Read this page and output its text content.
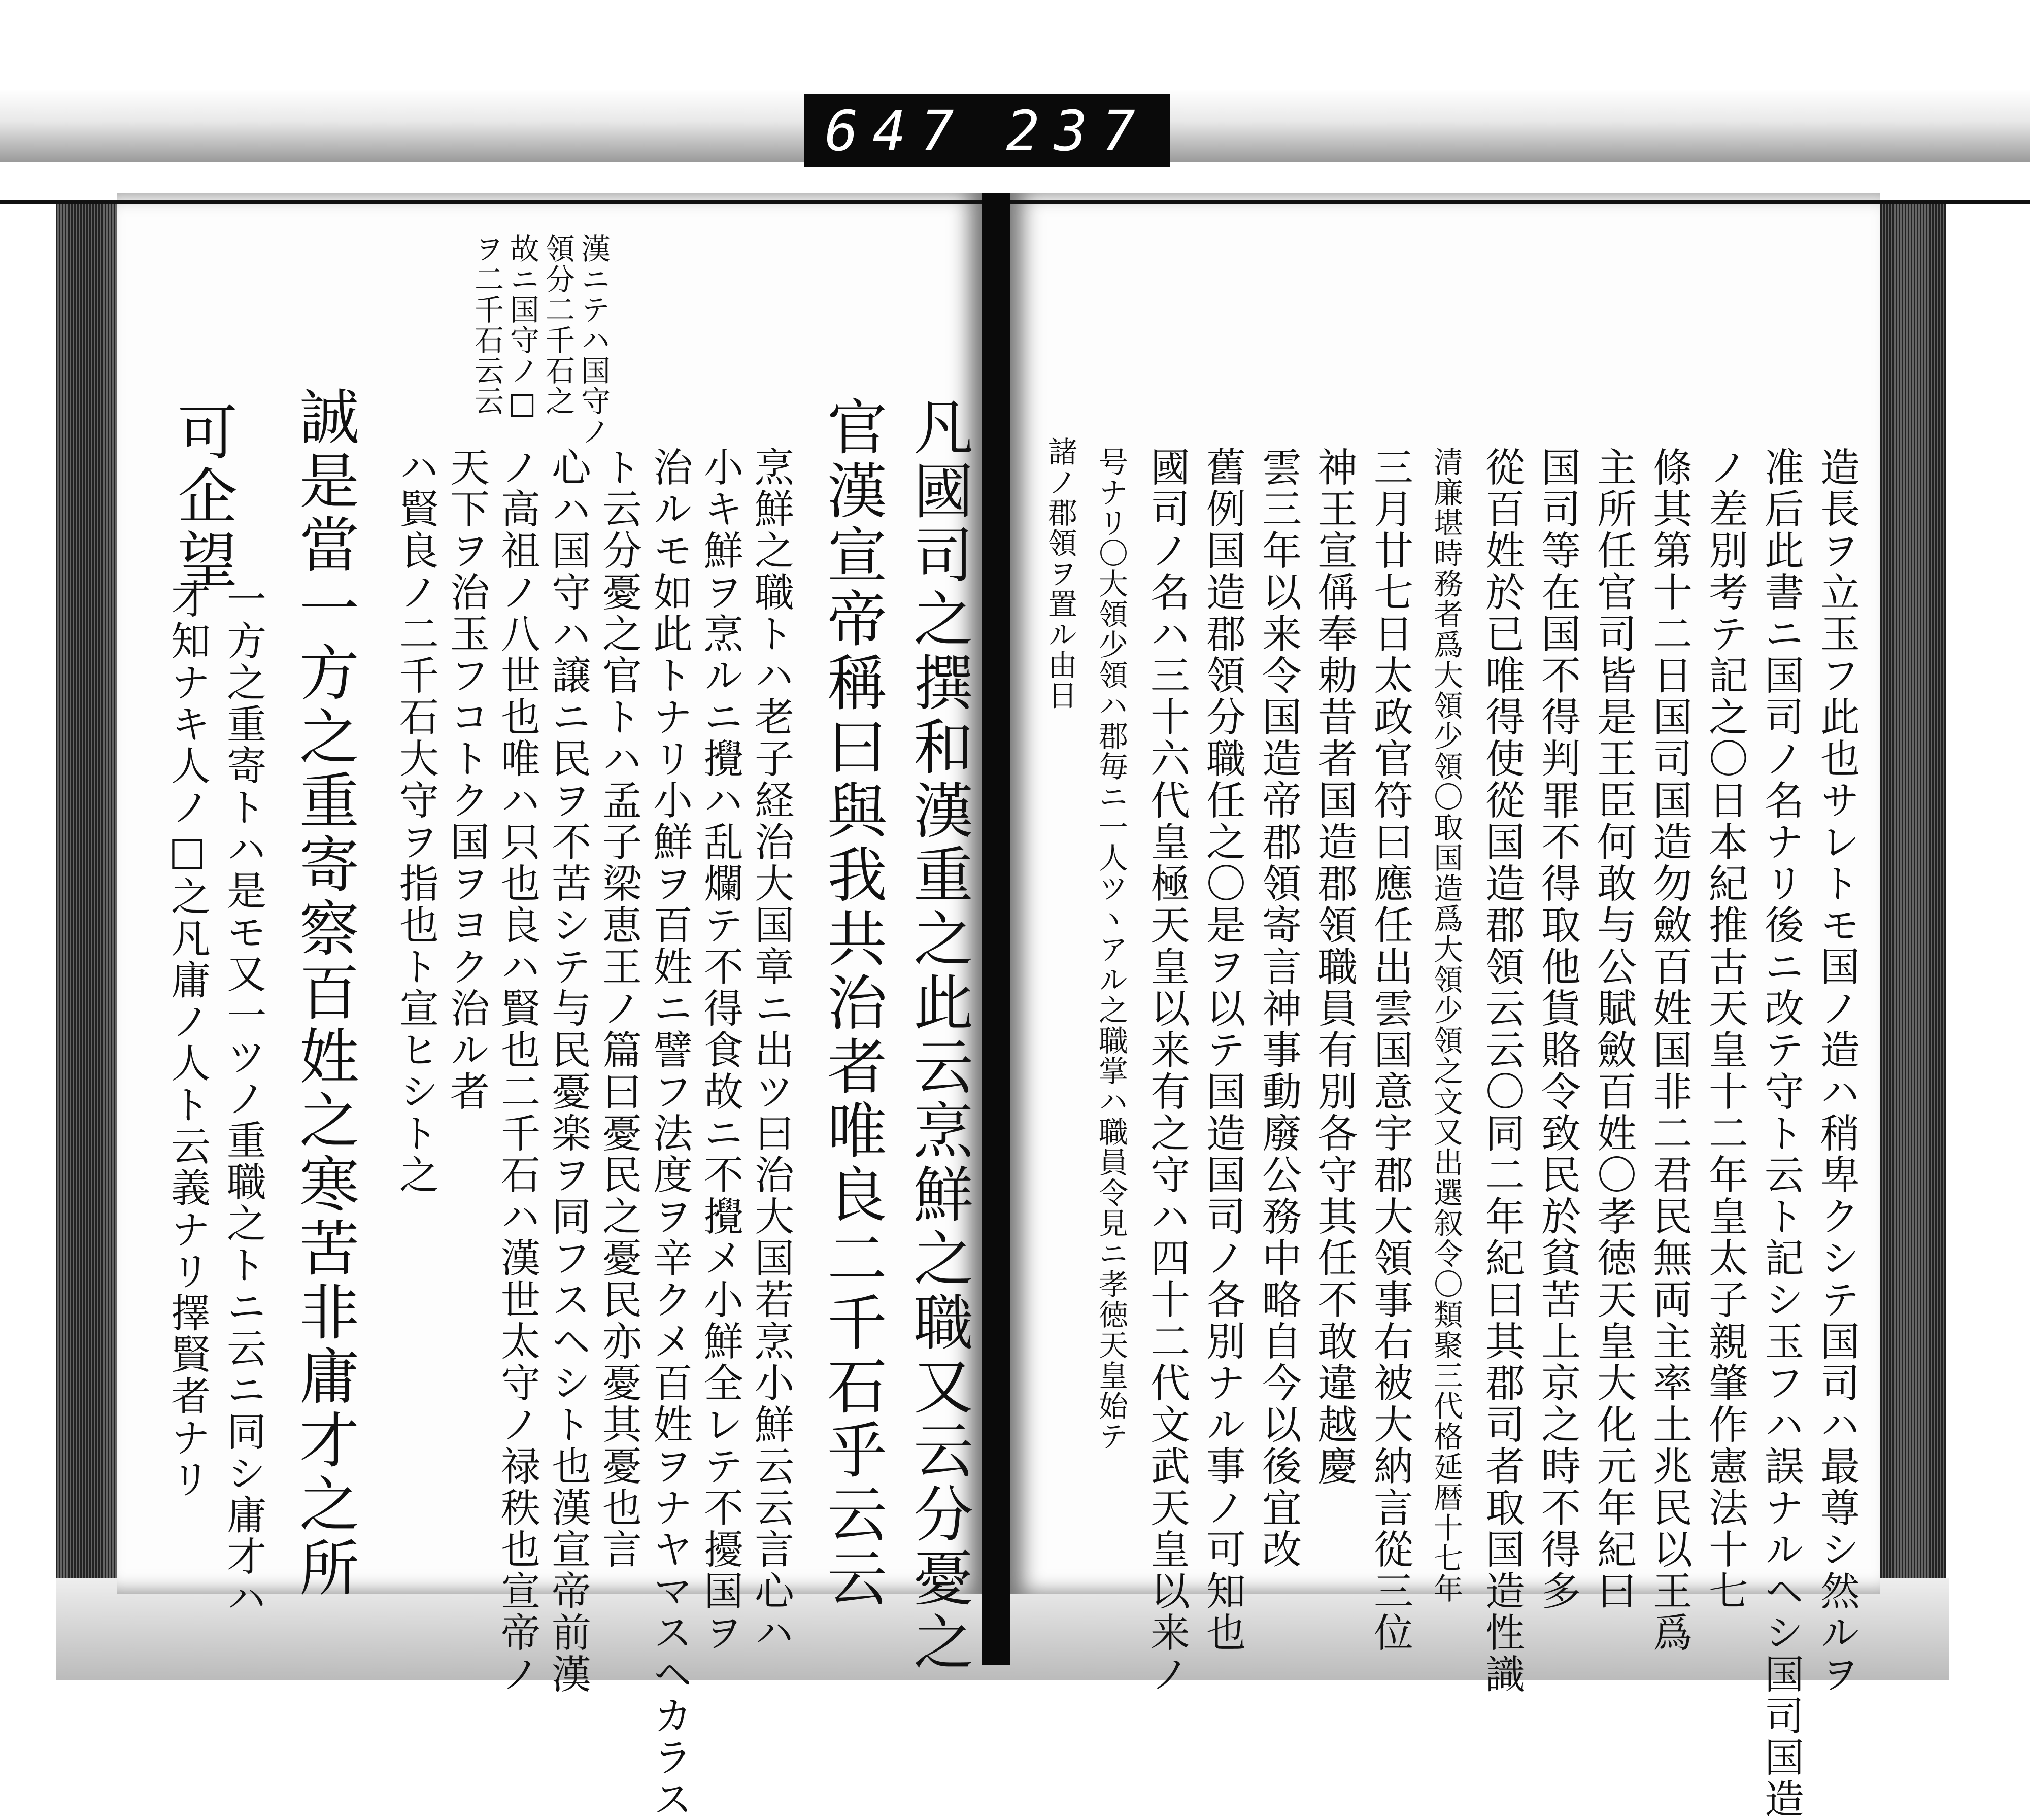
647 237
造長ヲ立玉フ此也サレトモ国ノ造ハ稍卑クシテ国司ハ最尊シ然ルヲ
准后此書ニ国司ノ名ナリ後ニ改テ守ト云ト記シ玉フハ誤ナルヘシ国司国造
ノ差別考テ記之〇日本紀推古天皇十二年皇太子親肇作憲法十七
條其第十二日国司国造勿斂百姓国非二君民無両主率土兆民以王爲
主所任官司皆是王臣何敢与公賦斂百姓〇孝徳天皇大化元年紀曰
国司等在国不得判罪不得取他貨賂令致民於貧苦上京之時不得多
從百姓於已唯得使從国造郡領云云〇同二年紀曰其郡司者取国造性識
清廉堪時務者爲大領少領〇取国造爲大領少領之文又出選叙令〇類聚三代格延暦十七年
三月廿七日太政官符曰應任出雲国意宇郡大領事右被大納言從三位
神王宣偁奉勅昔者国造郡領職員有別各守其任不敢違越慶
雲三年以来令国造帝郡領寄言神事動廢公務中略自今以後宜改
舊例国造郡領分職任之〇是ヲ以テ国造国司ノ各別ナル事ノ可知也
國司ノ名ハ三十六代皇極天皇以来有之守ハ四十二代文武天皇以来ノ
号ナリ〇大領少領ハ郡毎ニ一人ツヽアル之職掌ハ職員令見ニ孝徳天皇始テ
諸ノ郡領ヲ置ル由日
凡國司之撰和漢重之此云烹鮮之職又云分憂之
官漢宣帝稱曰與我共治者唯良二千石乎云云
烹鮮之職トハ老子経治大国章ニ出ツ曰治大国若烹小鮮云云言心ハ
小キ鮮ヲ烹ルニ攪ハ乱爛テ不得食故ニ不攪メ小鮮全レテ不擾国ヲ
治ルモ如此トナリ小鮮ヲ百姓ニ譬フ法度ヲ辛クメ百姓ヲナヤマスヘカラス
ト云分憂之官トハ孟子梁恵王ノ篇曰憂民之憂民亦憂其憂也言
心ハ国守ハ譲ニ民ヲ不苦シテ与民憂楽ヲ同フスヘシト也漢宣帝前漢
ノ高祖ノ八世也唯ハ只也良ハ賢也二千石ハ漢世太守ノ禄秩也宣帝ノ
天下ヲ治玉フコトク国ヲヨク治ル者
ハ賢良ノ二千石大守ヲ指也ト宣ヒシト之
誠是當一方之重寄察百姓之寒苦非庸才之所
可企望
一方之重寄トハ是モ又一ツノ重職之トニ云ニ同シ庸才ハ
才知ナキ人ノ□之凡庸ノ人ト云義ナリ擇賢者ナリ
漢ニテハ国守ノ
領分二千石之
故ニ国守ノ□
ヲ二千石云云
